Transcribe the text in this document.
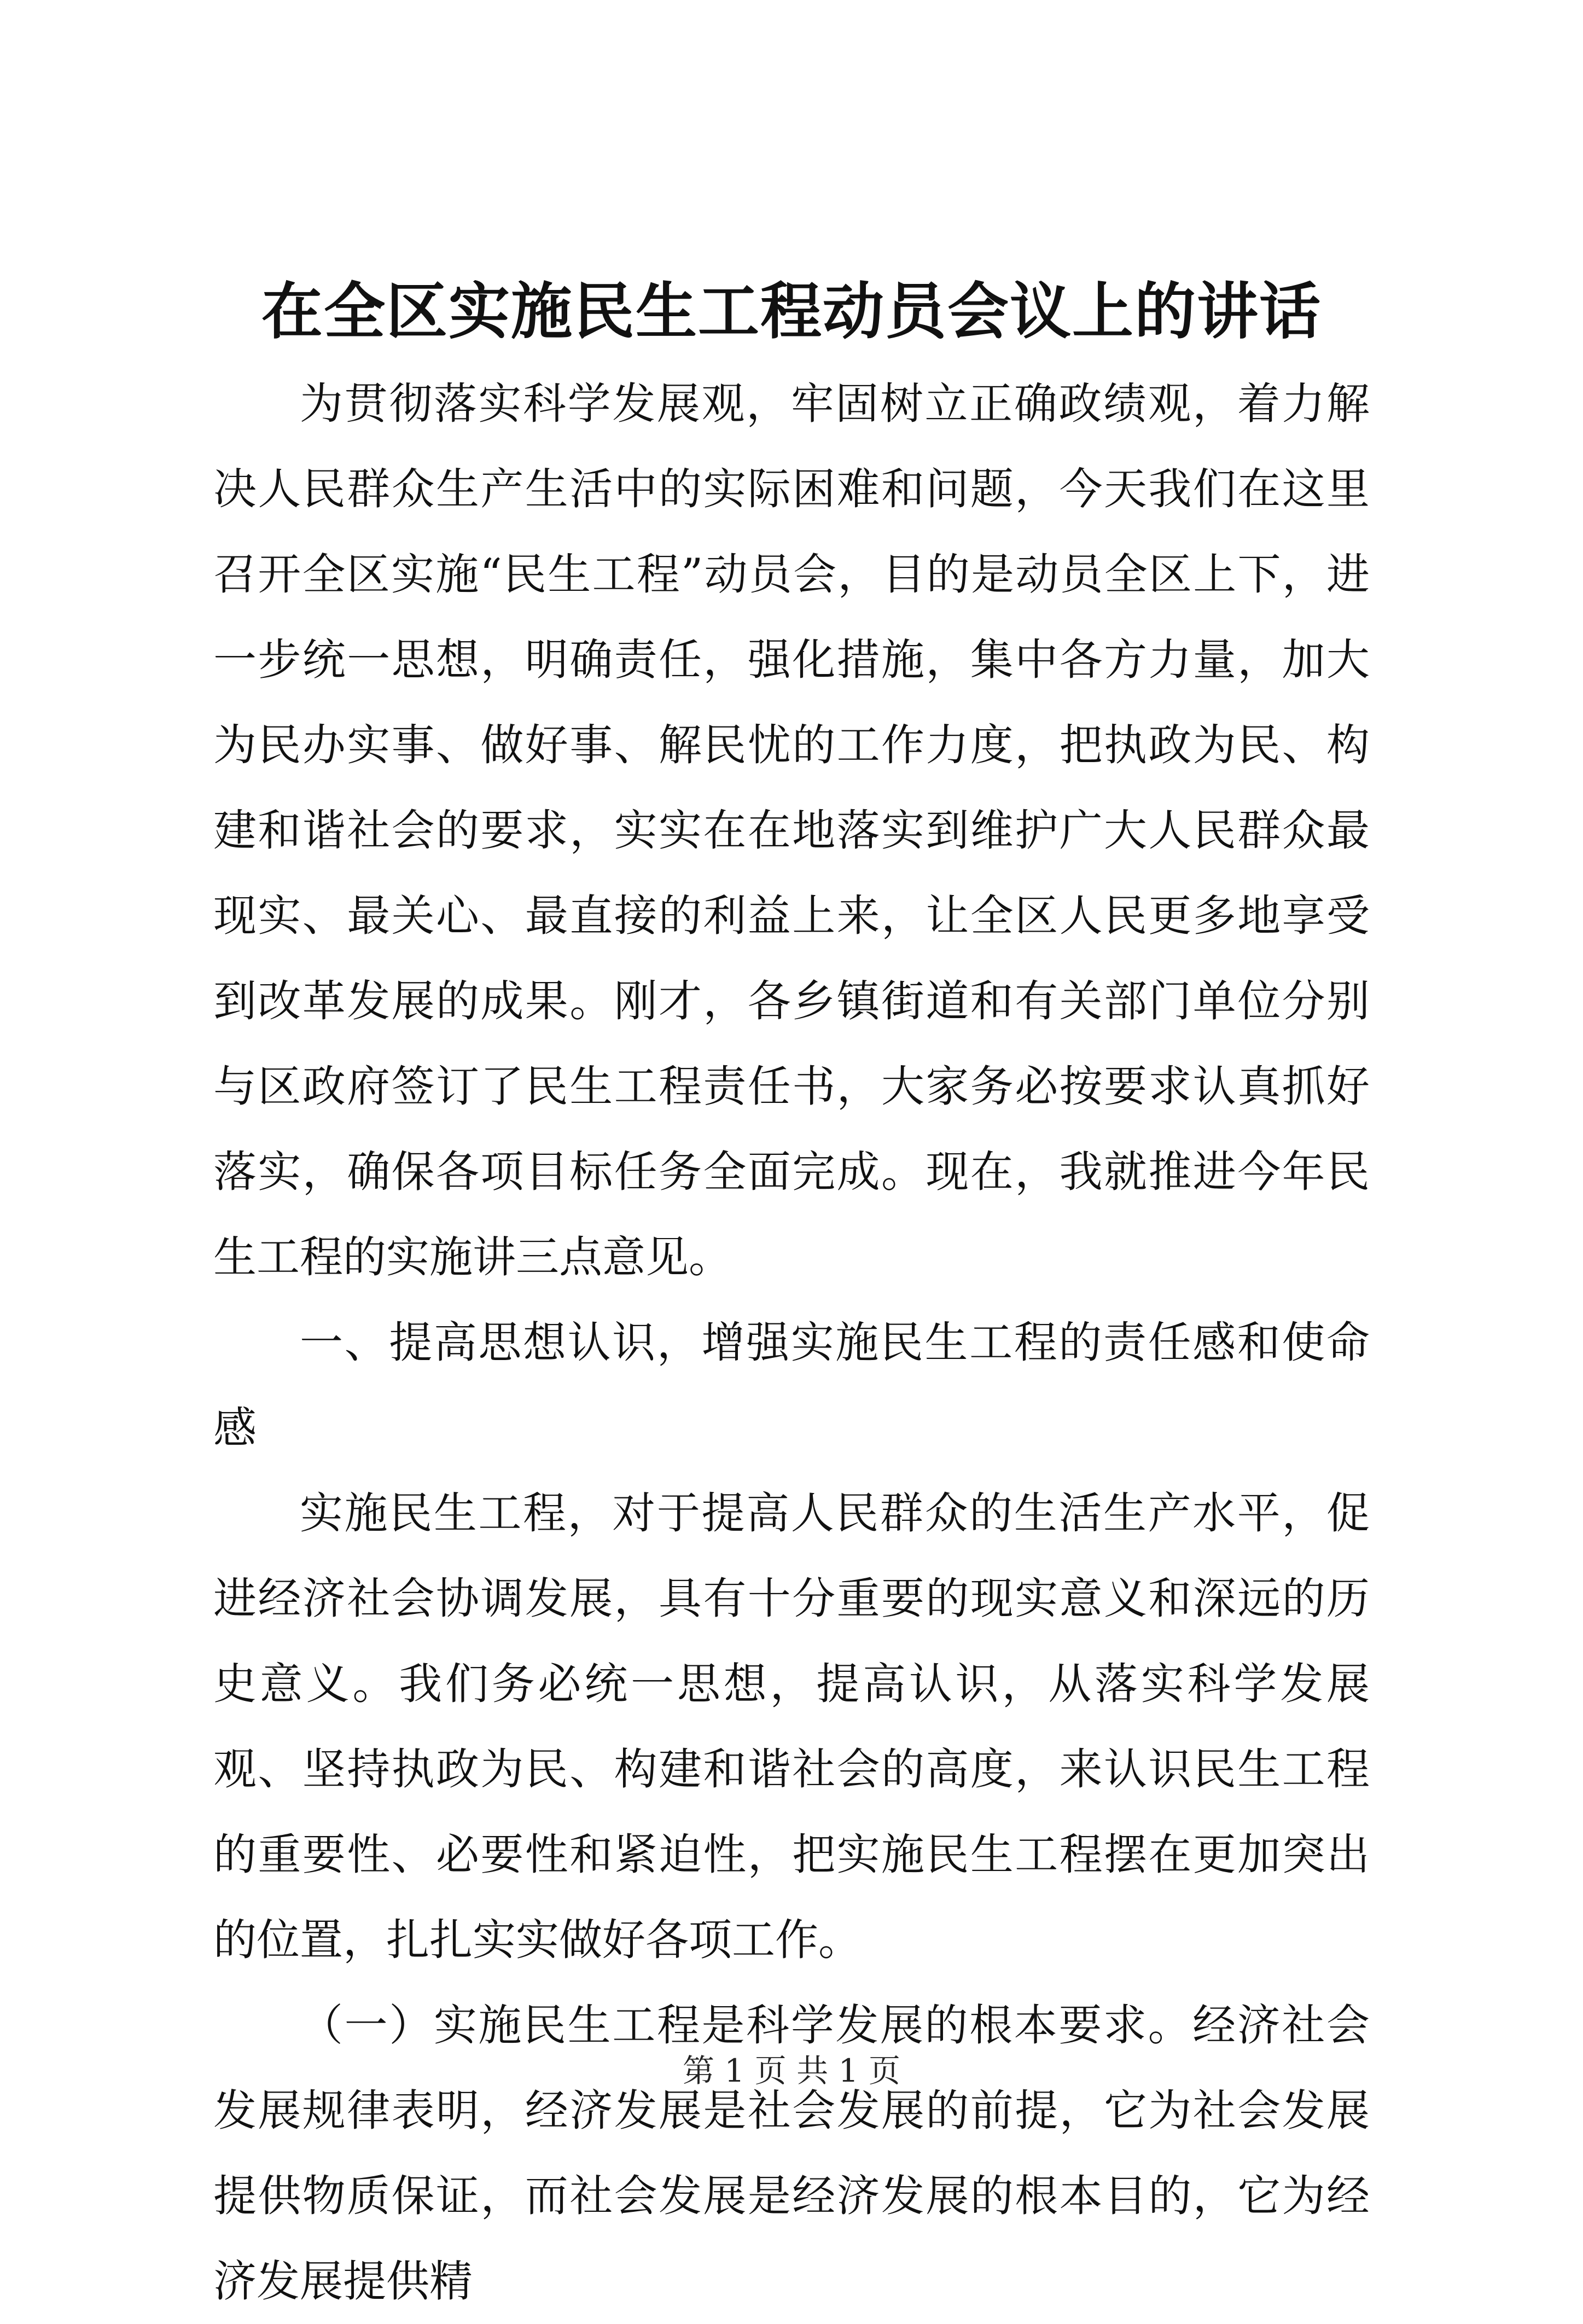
在全区实施民生工程动员会议上的讲话

为贯彻落实科学发展观，牢固树立正确政绩观，着力解决人民群众生产生活中的实际困难和问题，今天我们在这里召开全区实施“民生工程”动员会，目的是动员全区上下，进一步统一思想，明确责任，强化措施，集中各方力量，加大为民办实事、做好事、解民忧的工作力度，把执政为民、构建和谐社会的要求，实实在在地落实到维护广大人民群众最现实、最关心、最直接的利益上来，让全区人民更多地享受到改革发展的成果。刚才，各乡镇街道和有关部门单位分别与区政府签订了民生工程责任书，大家务必按要求认真抓好落实，确保各项目标任务全面完成。现在，我就推进今年民生工程的实施讲三点意见。

一、提高思想认识，增强实施民生工程的责任感和使命感

实施民生工程，对于提高人民群众的生活生产水平，促进经济社会协调发展，具有十分重要的现实意义和深远的历史意义。我们务必统一思想，提高认识，从落实科学发展观、坚持执政为民、构建和谐社会的高度，来认识民生工程的重要性、必要性和紧迫性，把实施民生工程摆在更加突出的位置，扎扎实实做好各项工作。

（一）实施民生工程是科学发展的根本要求。经济社会发展规律表明，经济发展是社会发展的前提，它为社会发展提供物质保证，而社会发展是经济发展的根本目的，它为经济发展提供精

第 1 页 共 1 页
